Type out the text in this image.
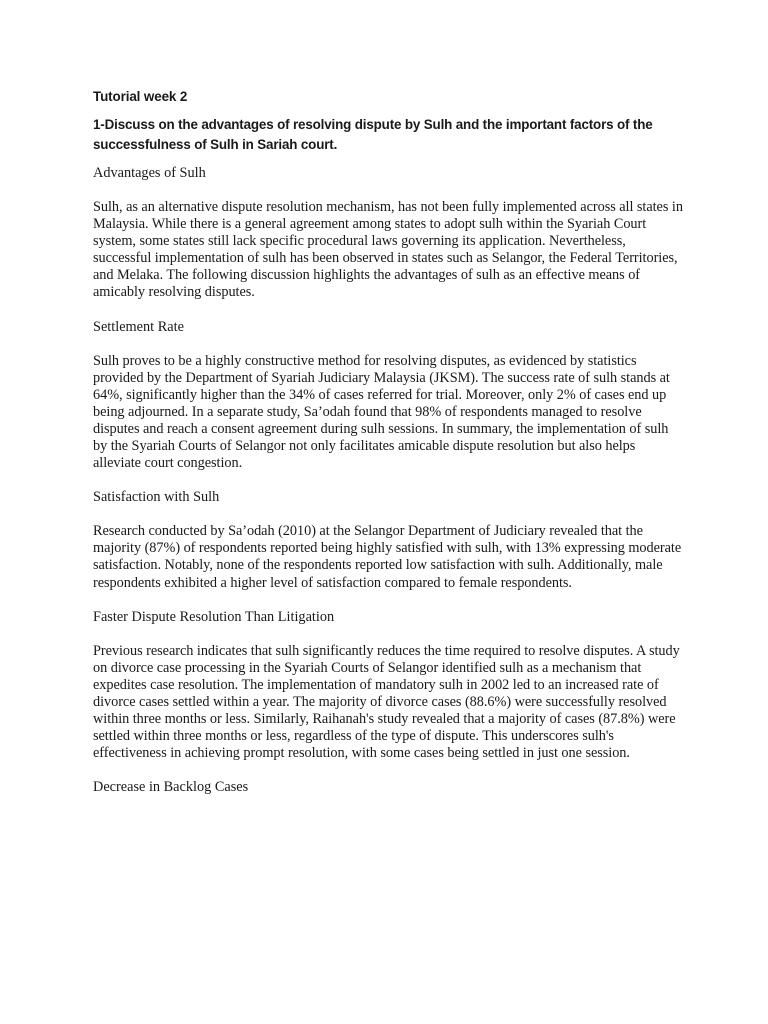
Tutorial week 2
1-Discuss on the advantages of resolving dispute by Sulh and the important factors of the successfulness of Sulh in Sariah court.
Advantages of Sulh
Sulh, as an alternative dispute resolution mechanism, has not been fully implemented across all states in Malaysia. While there is a general agreement among states to adopt sulh within the Syariah Court system, some states still lack specific procedural laws governing its application. Nevertheless, successful implementation of sulh has been observed in states such as Selangor, the Federal Territories, and Melaka. The following discussion highlights the advantages of sulh as an effective means of amicably resolving disputes.
Settlement Rate
Sulh proves to be a highly constructive method for resolving disputes, as evidenced by statistics provided by the Department of Syariah Judiciary Malaysia (JKSM). The success rate of sulh stands at 64%, significantly higher than the 34% of cases referred for trial. Moreover, only 2% of cases end up being adjourned. In a separate study, Sa’odah found that 98% of respondents managed to resolve disputes and reach a consent agreement during sulh sessions. In summary, the implementation of sulh by the Syariah Courts of Selangor not only facilitates amicable dispute resolution but also helps alleviate court congestion.
Satisfaction with Sulh
Research conducted by Sa’odah (2010) at the Selangor Department of Judiciary revealed that the majority (87%) of respondents reported being highly satisfied with sulh, with 13% expressing moderate satisfaction. Notably, none of the respondents reported low satisfaction with sulh. Additionally, male respondents exhibited a higher level of satisfaction compared to female respondents.
Faster Dispute Resolution Than Litigation
Previous research indicates that sulh significantly reduces the time required to resolve disputes. A study on divorce case processing in the Syariah Courts of Selangor identified sulh as a mechanism that expedites case resolution. The implementation of mandatory sulh in 2002 led to an increased rate of divorce cases settled within a year. The majority of divorce cases (88.6%) were successfully resolved within three months or less. Similarly, Raihanah's study revealed that a majority of cases (87.8%) were settled within three months or less, regardless of the type of dispute. This underscores sulh's effectiveness in achieving prompt resolution, with some cases being settled in just one session.
Decrease in Backlog Cases
